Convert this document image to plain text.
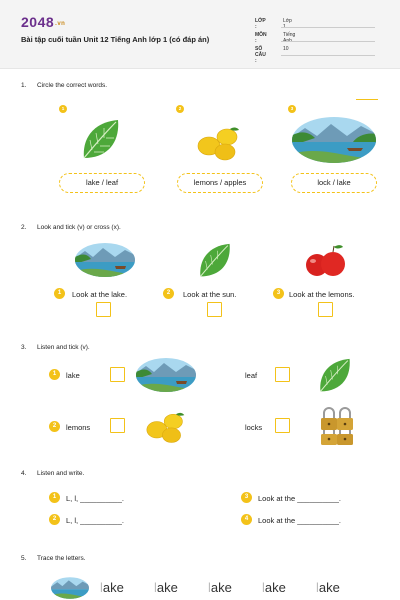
2048.vn
Bài tập cuối tuần Unit 12 Tiếng Anh lớp 1 (có đáp án)
LỚP :
Lớp 1
MÔN :
Tiếng Anh
SỐ CÂU :
10
1. Circle the correct words.
1	2	3
lake / leaf	lemons / apples	lock / lake
2. Look and tick (v) or cross (x).
1	Look at the lake.	2	Look at the sun.	3	Look at the lemons.
3. Listen and tick (v).
1	lake	leaf
2	lemons	locks
4. Listen and write.
1	L, l, __________.	3	Look at the __________.
2	L, l, __________.	4	Look at the __________.
5. Trace the letters.
lake lake lake lake lake
